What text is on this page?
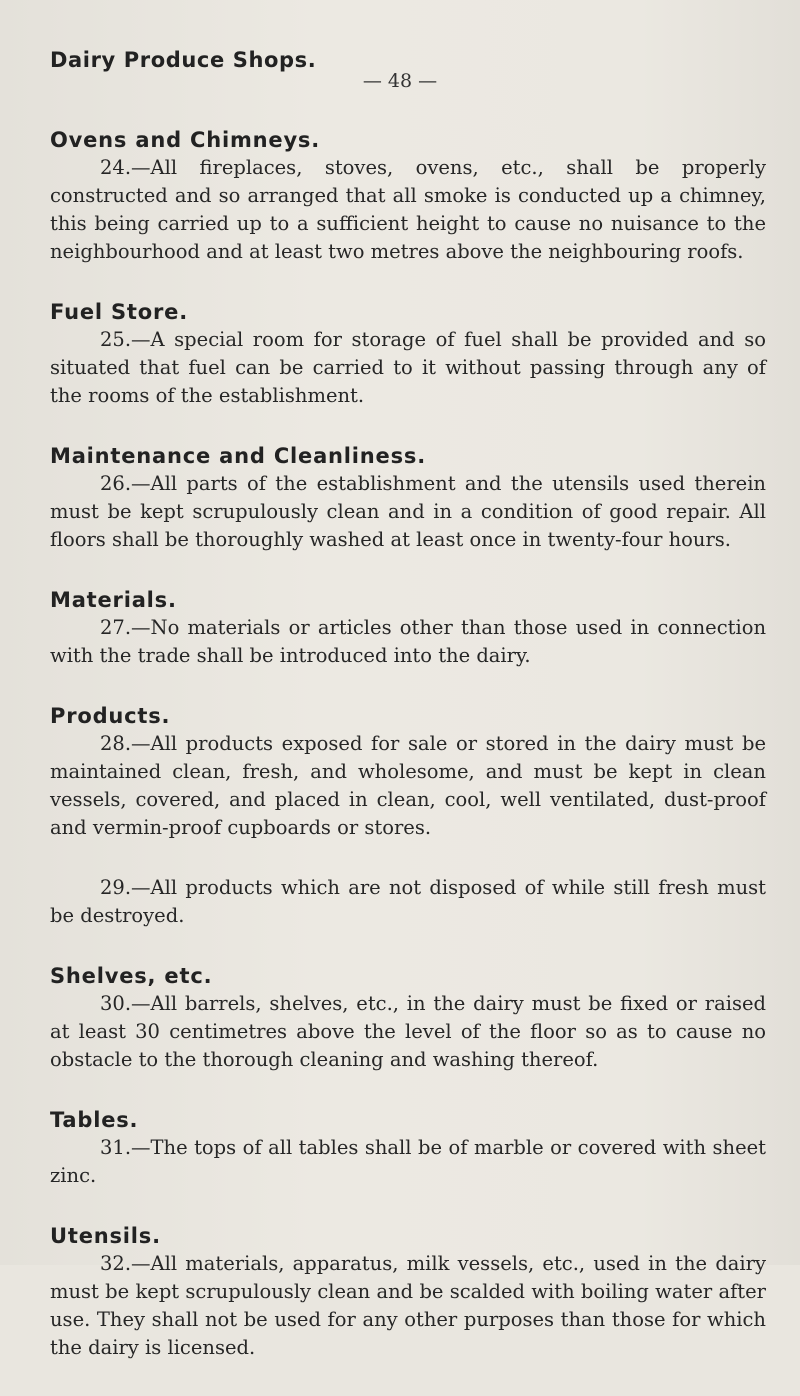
Dairy Produce Shops.
— 48 —
Ovens and Chimneys.

24.—All fireplaces, stoves, ovens, etc., shall be properly constructed and so arranged that all smoke is conducted up a chimney, this being carried up to a sufficient height to cause no nuisance to the neighbourhood and at least two metres above the neighbouring roofs.

Fuel Store.

25.—A special room for storage of fuel shall be provided and so situated that fuel can be carried to it without passing through any of the rooms of the establishment.

Maintenance and Cleanliness.

26.—All parts of the establishment and the utensils used therein must be kept scrupulously clean and in a condition of good repair. All floors shall be thoroughly washed at least once in twenty-four hours.

Materials.

27.—No materials or articles other than those used in connection with the trade shall be introduced into the dairy.

Products.

28.—All products exposed for sale or stored in the dairy must be maintained clean, fresh, and wholesome, and must be kept in clean vessels, covered, and placed in clean, cool, well ventilated, dust-proof and vermin-proof cupboards or stores.

29.—All products which are not disposed of while still fresh must be destroyed.

Shelves, etc.

30.—All barrels, shelves, etc., in the dairy must be fixed or raised at least 30 centimetres above the level of the floor so as to cause no obstacle to the thorough cleaning and washing thereof.

Tables.

31.—The tops of all tables shall be of marble or covered with sheet zinc.

Utensils.

32.—All materials, apparatus, milk vessels, etc., used in the dairy must be kept scrupulously clean and be scalded with boiling water after use. They shall not be used for any other purposes than those for which the dairy is licensed.
